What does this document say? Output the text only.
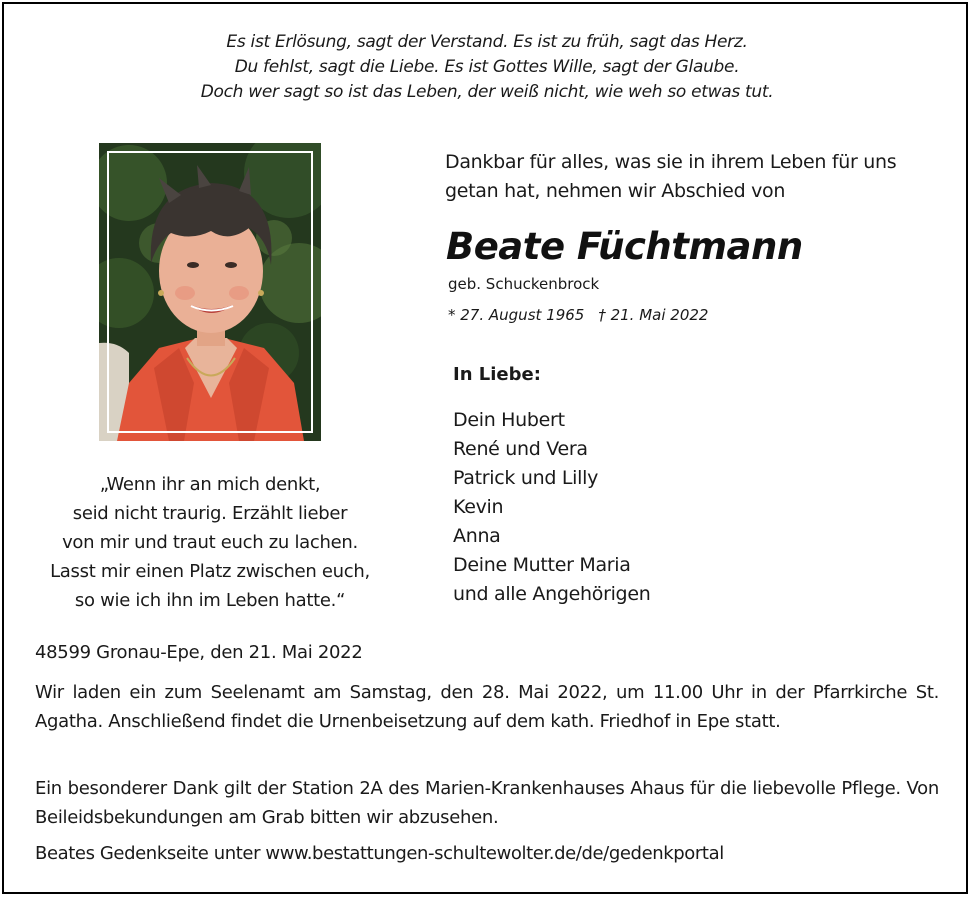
Es ist Erlösung, sagt der Verstand. Es ist zu früh, sagt das Herz.
Du fehlst, sagt die Liebe. Es ist Gottes Wille, sagt der Glaube.
Doch wer sagt so ist das Leben, der weiß nicht, wie weh so etwas tut.
„Wenn ihr an mich denkt,
seid nicht traurig. Erzählt lieber
von mir und traut euch zu lachen.
Lasst mir einen Platz zwischen euch,
so wie ich ihn im Leben hatte.“
Dankbar für alles, was sie in ihrem Leben für uns
getan hat, nehmen wir Abschied von
Beate Füchtmann
geb. Schuckenbrock
* 27. August 1965 † 21. Mai 2022
In Liebe:
Dein Hubert
René und Vera
Patrick und Lilly
Kevin
Anna
Deine Mutter Maria
und alle Angehörigen
48599 Gronau-Epe, den 21. Mai 2022
Wir laden ein zum Seelenamt am Samstag, den 28. Mai 2022, um 11.00 Uhr in der Pfarrkirche St. Agatha. Anschließend findet die Urnenbeisetzung auf dem kath. Friedhof in Epe statt.
Ein besonderer Dank gilt der Station 2A des Marien-Krankenhauses Ahaus für die liebevolle Pflege. Von Beileidsbekundungen am Grab bitten wir abzusehen.
Beates Gedenkseite unter www.bestattungen-schultewolter.de/de/gedenkportal
